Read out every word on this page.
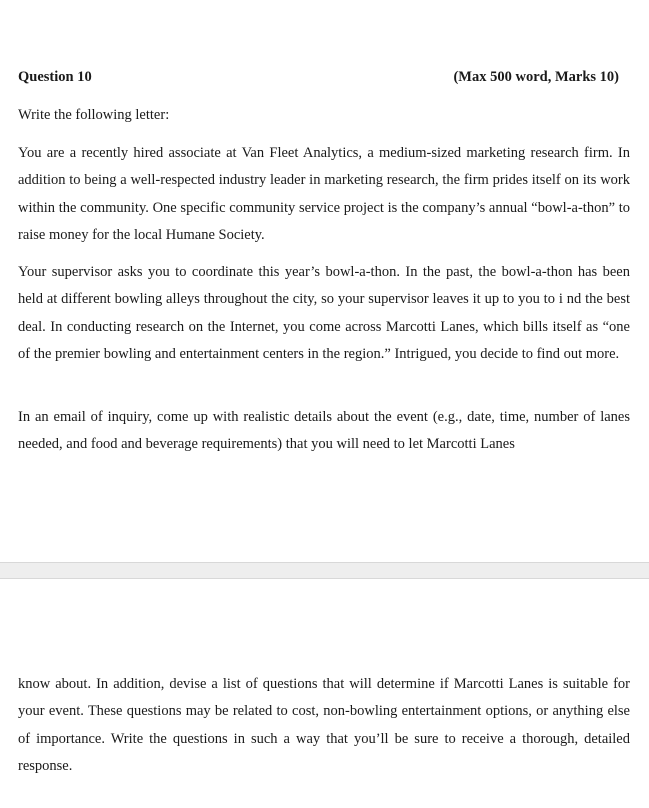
Question 10	(Max 500 word, Marks 10)

Write the following letter:

You are a recently hired associate at Van Fleet Analytics, a medium-sized marketing research firm. In addition to being a well-respected industry leader in marketing research, the firm prides itself on its work within the community. One specific community service project is the company’s annual “bowl-a-thon” to raise money for the local Humane Society.

Your supervisor asks you to coordinate this year’s bowl-a-thon. In the past, the bowl-a-thon has been held at different bowling alleys throughout the city, so your supervisor leaves it up to you to i nd the best deal. In conducting research on the Internet, you come across Marcotti Lanes, which bills itself as “one of the premier bowling and entertainment centers in the region.” Intrigued, you decide to find out more.

In an email of inquiry, come up with realistic details about the event (e.g., date, time, number of lanes needed, and food and beverage requirements) that you will need to let Marcotti Lanes

know about. In addition, devise a list of questions that will determine if Marcotti Lanes is suitable for your event. These questions may be related to cost, non-bowling entertainment options, or anything else of importance. Write the questions in such a way that you’ll be sure to receive a thorough, detailed response.
